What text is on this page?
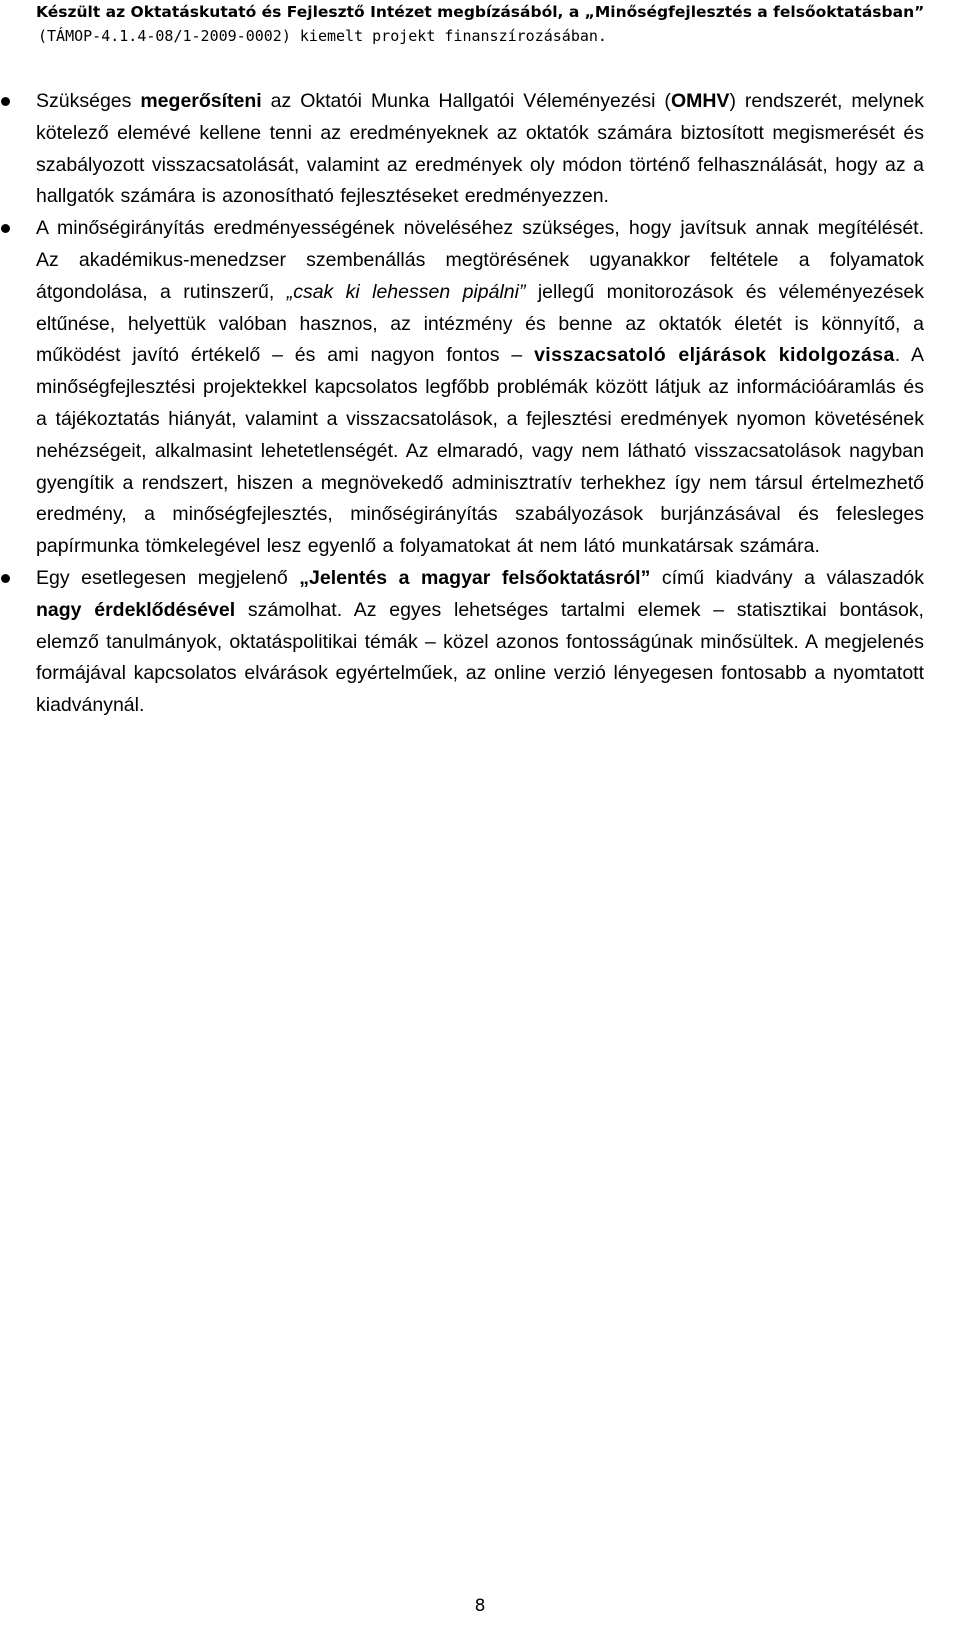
Készült az Oktatáskutató és Fejlesztő Intézet megbízásából, a „Minőségfejlesztés a felsőoktatásban”
(TÁMOP-4.1.4-08/1-2009-0002) kiemelt projekt finanszírozásában.
Szükséges megerősíteni az Oktatói Munka Hallgatói Véleményezési (OMHV) rendszerét, melynek kötelező elemévé kellene tenni az eredményeknek az oktatók számára biztosított megismerését és szabályozott visszacsatolását, valamint az eredmények oly módon történő felhasználását, hogy az a hallgatók számára is azonosítható fejlesztéseket eredményezzen.
A minőségirányítás eredményességének növeléséhez szükséges, hogy javítsuk annak megítélését. Az akadémikus-menedzser szembenállás megtörésének ugyanakkor feltétele a folyamatok átgondolása, a rutinszerű, „csak ki lehessen pipálni” jellegű monitorozások és véleményezések eltűnése, helyettük valóban hasznos, az intézmény és benne az oktatók életét is könnyítő, a működést javító értékelő – és ami nagyon fontos – visszacsatoló eljárások kidolgozása. A minőségfejlesztési projektekkel kapcsolatos legfőbb problémák között látjuk az információáramlás és a tájékoztatás hiányát, valamint a visszacsatolások, a fejlesztési eredmények nyomon követésének nehézségeit, alkalmasint lehetetlenségét. Az elmaradó, vagy nem látható visszacsatolások nagyban gyengítik a rendszert, hiszen a megnövekedő adminisztratív terhekhez így nem társul értelmezhető eredmény, a minőségfejlesztés, minőségirányítás szabályozások burjánzásával és felesleges papírmunka tömkelegével lesz egyenlő a folyamatokat át nem látó munkatársak számára.
Egy esetlegesen megjelenő „Jelentés a magyar felsőoktatásról” című kiadvány a válaszadók nagy érdeklődésével számolhat. Az egyes lehetséges tartalmi elemek – statisztikai bontások, elemző tanulmányok, oktatáspolitikai témák – közel azonos fontosságúnak minősültek. A megjelenés formájával kapcsolatos elvárások egyértelműek, az online verzió lényegesen fontosabb a nyomtatott kiadványnál.
8
